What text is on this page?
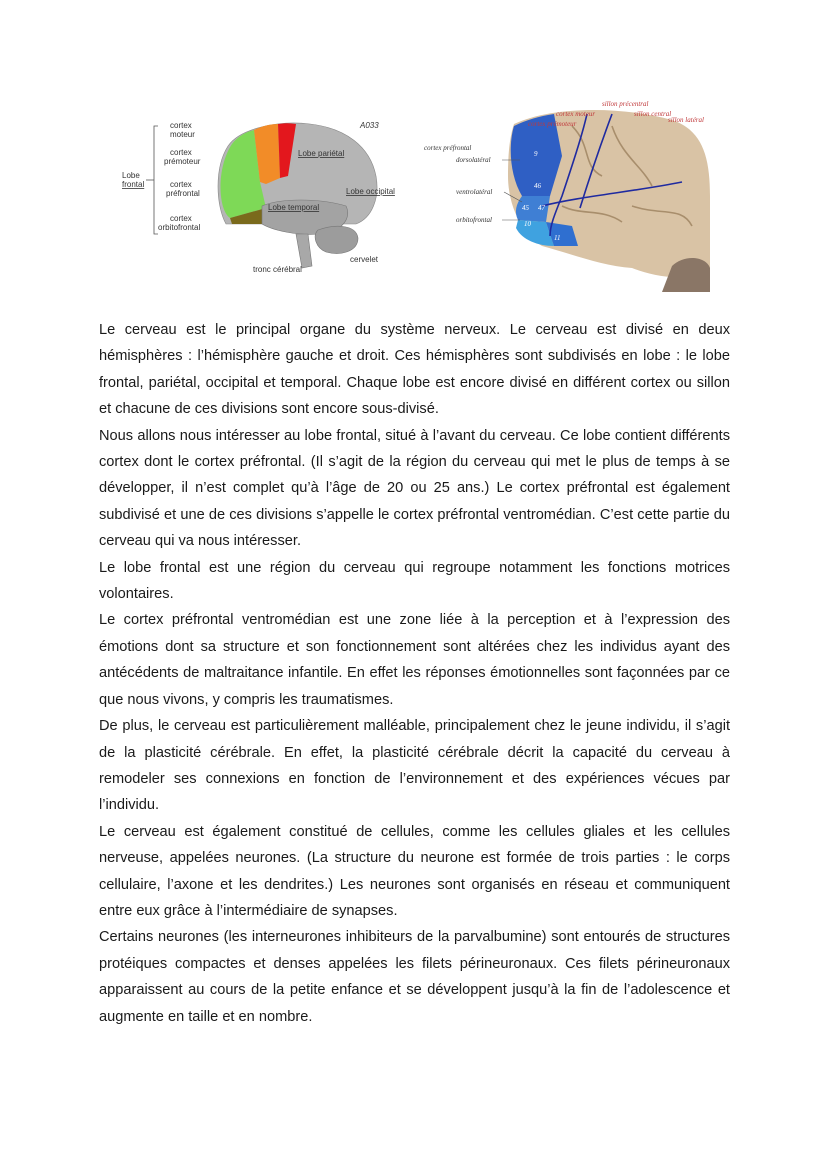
Lobe
frontal
cortex
moteur
cortex
prémoteur
cortex
préfrontal
cortex
orbitofrontal
Lobe pariétal
Lobe occipital
Lobe temporal
tronc cérébral
cervelet
A033
9
46
45 47
10
11
sillon précentral
cortex moteur	sillon central
cortex prémoteur	sillon latéral
cortex préfrontal
dorsolatéral
ventrolatéral
orbitofrontal

Le cerveau est le principal organe du système nerveux. Le cerveau est divisé en deux hémisphères : l’hémisphère gauche et droit. Ces hémisphères sont subdivisés en lobe : le lobe frontal, pariétal, occipital et temporal. Chaque lobe est encore divisé en différent cortex ou sillon et chacune de ces divisions sont encore sous-divisé.

Nous allons nous intéresser au lobe frontal, situé à l’avant du cerveau. Ce lobe contient différents cortex dont le cortex préfrontal. (Il s’agit de la région du cerveau qui met le plus de temps à se développer, il n’est complet qu’à l’âge de 20 ou 25 ans.) Le cortex préfrontal est également subdivisé et une de ces divisions s’appelle le cortex préfrontal ventromédian. C’est cette partie du cerveau qui va nous intéresser.

Le lobe frontal est une région du cerveau qui regroupe notamment les fonctions motrices volontaires.

Le cortex préfrontal ventromédian est une zone liée à la perception et à l’expression des émotions dont sa structure et son fonctionnement sont altérées chez les individus ayant des antécédents de maltraitance infantile. En effet les réponses émotionnelles sont façonnées par ce que nous vivons, y compris les traumatismes.

De plus, le cerveau est particulièrement malléable, principalement chez le jeune individu, il s’agit de la plasticité cérébrale. En effet, la plasticité cérébrale décrit la capacité du cerveau à remodeler ses connexions en fonction de l’environnement et des expériences vécues par l’individu.

Le cerveau est également constitué de cellules, comme les cellules gliales et les cellules nerveuse, appelées neurones. (La structure du neurone est formée de trois parties : le corps cellulaire, l’axone et les dendrites.) Les neurones sont organisés en réseau et communiquent entre eux grâce à l’intermédiaire de synapses.

Certains neurones (les interneurones inhibiteurs de la parvalbumine) sont entourés de structures protéiques compactes et denses appelées les filets périneuronaux. Ces filets périneuronaux apparaissent au cours de la petite enfance et se développent jusqu’à la fin de l’adolescence et augmente en taille et en nombre.
